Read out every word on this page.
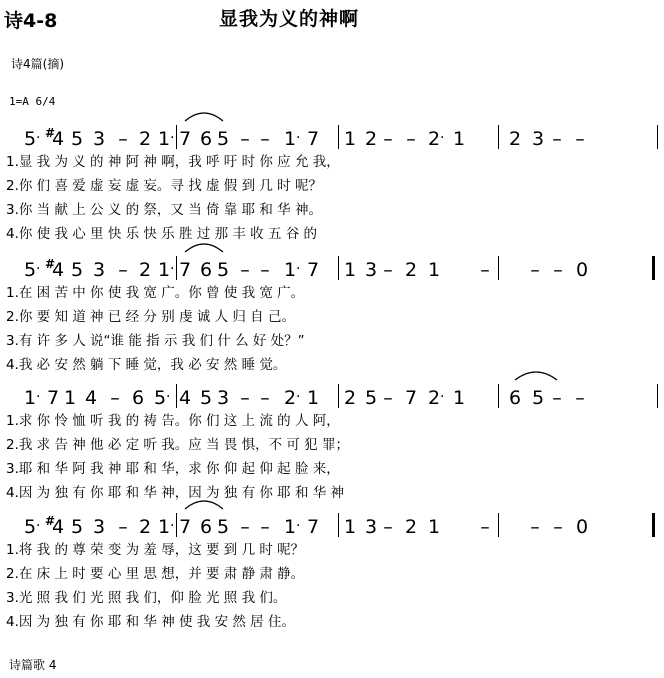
诗4-8	显我为义的神啊
诗4篇(摘)
1=A 6/4
5 · # 4 5 3 – 2 1 · 7 6 5 – – 1 · 7 1 2 – – 2 · 1 2 3 – –
1.显 我 为 义 的 神 阿 神 啊，我 呼 吁 时 你 应 允 我，
2.你 们 喜 爱 虚 妄 虚 妄。寻 找 虚 假 到 几 时 呢？
3.你 当 献 上 公 义 的 祭，又 当 倚 靠 耶 和 华 神。
4.你 使 我 心 里 快 乐 快 乐 胜 过 那 丰 收 五 谷 的
5 · # 4 5 3 – 2 1 · 7 6 5 – – 1 · 7 1 3 – 2 1 – – – 0
1.在 困 苦 中 你 使 我 宽 广。你 曾 使 我 宽 广。
2.你 要 知 道 神 已 经 分 别 虔 诚 人 归 自 己。
3.有 许 多 人 说“谁 能 指 示 我 们 什 么 好 处？”
4.我 必 安 然 躺 下 睡 觉，我 必 安 然 睡 觉。
1 · 7 1 4 – 6 5 · 4 5 3 – – 2 · 1 2 5 – 7 2 · 1 6 5 – –
1.求 你 怜 恤 听 我 的 祷 告。你 们 这 上 流 的 人 阿，
2.我 求 告 神 他 必 定 听 我。应 当 畏 惧，不 可 犯 罪；
3.耶 和 华 阿 我 神 耶 和 华，求 你 仰 起 仰 起 脸 来，
4.因 为 独 有 你 耶 和 华 神，因 为 独 有 你 耶 和 华 神
5 · # 4 5 3 – 2 1 · 7 6 5 – – 1 · 7 1 3 – 2 1 – – – 0
1.将 我 的 尊 荣 变 为 羞 辱，这 要 到 几 时 呢？
2.在 床 上 时 要 心 里 思 想，并 要 肃 静 肃 静。
3.光 照 我 们 光 照 我 们，仰 脸 光 照 我 们。
4.因 为 独 有 你 耶 和 华 神 使 我 安 然 居 住。
诗篇歌 4
